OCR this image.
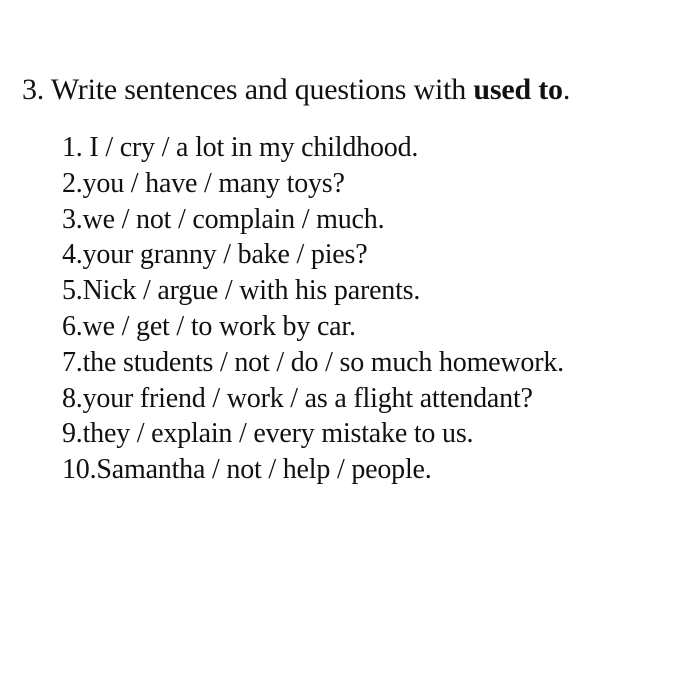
3. Write sentences and questions with used to.
1. I / cry / a lot in my childhood.
2.you / have / many toys?
3.we / not / complain / much.
4.your granny / bake / pies?
5.Nick / argue / with his parents.
6.we / get / to work by car.
7.the students / not / do / so much homework.
8.your friend / work / as a flight attendant?
9.they / explain / every mistake to us.
10.Samantha / not / help / people.
